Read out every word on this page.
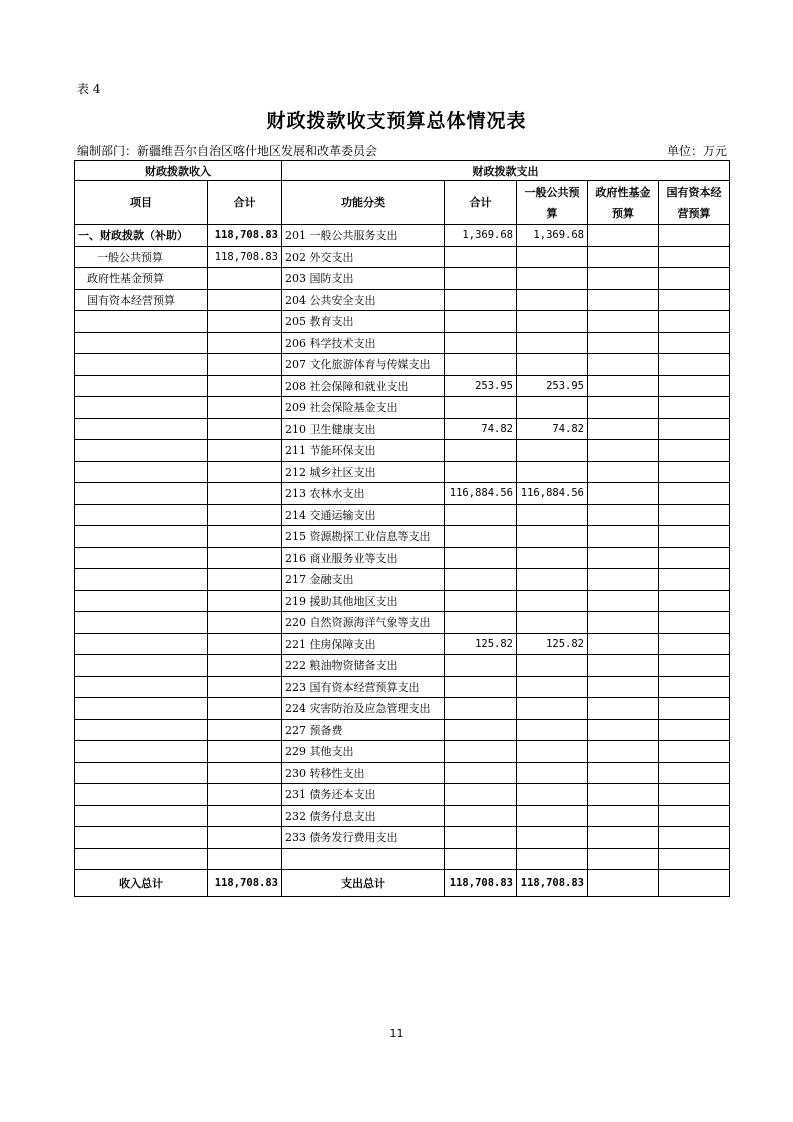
表 4
财政拨款收支预算总体情况表
编制部门：新疆维吾尔自治区喀什地区发展和改革委员会	单位：万元
财政拨款收入		财政拨款支出				
项目	合计	功能分类	合计	一般公共预算	政府性基金预算	国有资本经营预算
一、财政拨款（补助）	118,708.83	201 一般公共服务支出	1,369.68	1,369.68		
一般公共预算	118,708.83	202 外交支出				
政府性基金预算		203 国防支出				
国有资本经营预算		204 公共安全支出				
		205 教育支出				
		206 科学技术支出				
		207 文化旅游体育与传媒支出				
		208 社会保障和就业支出	253.95	253.95		
		209 社会保险基金支出				
		210 卫生健康支出	74.82	74.82		
		211 节能环保支出				
		212 城乡社区支出				
		213 农林水支出	116,884.56	116,884.56		
		214 交通运输支出				
		215 资源勘探工业信息等支出				
		216 商业服务业等支出				
		217 金融支出				
		219 援助其他地区支出				
		220 自然资源海洋气象等支出				
		221 住房保障支出	125.82	125.82		
		222 粮油物资储备支出				
		223 国有资本经营预算支出				
		224 灾害防治及应急管理支出				
		227 预备费				
		229 其他支出				
		230 转移性支出				
		231 债务还本支出				
		232 债务付息支出				
		233 债务发行费用支出				

收入总计	118,708.83	支出总计	118,708.83	118,708.83		
11
